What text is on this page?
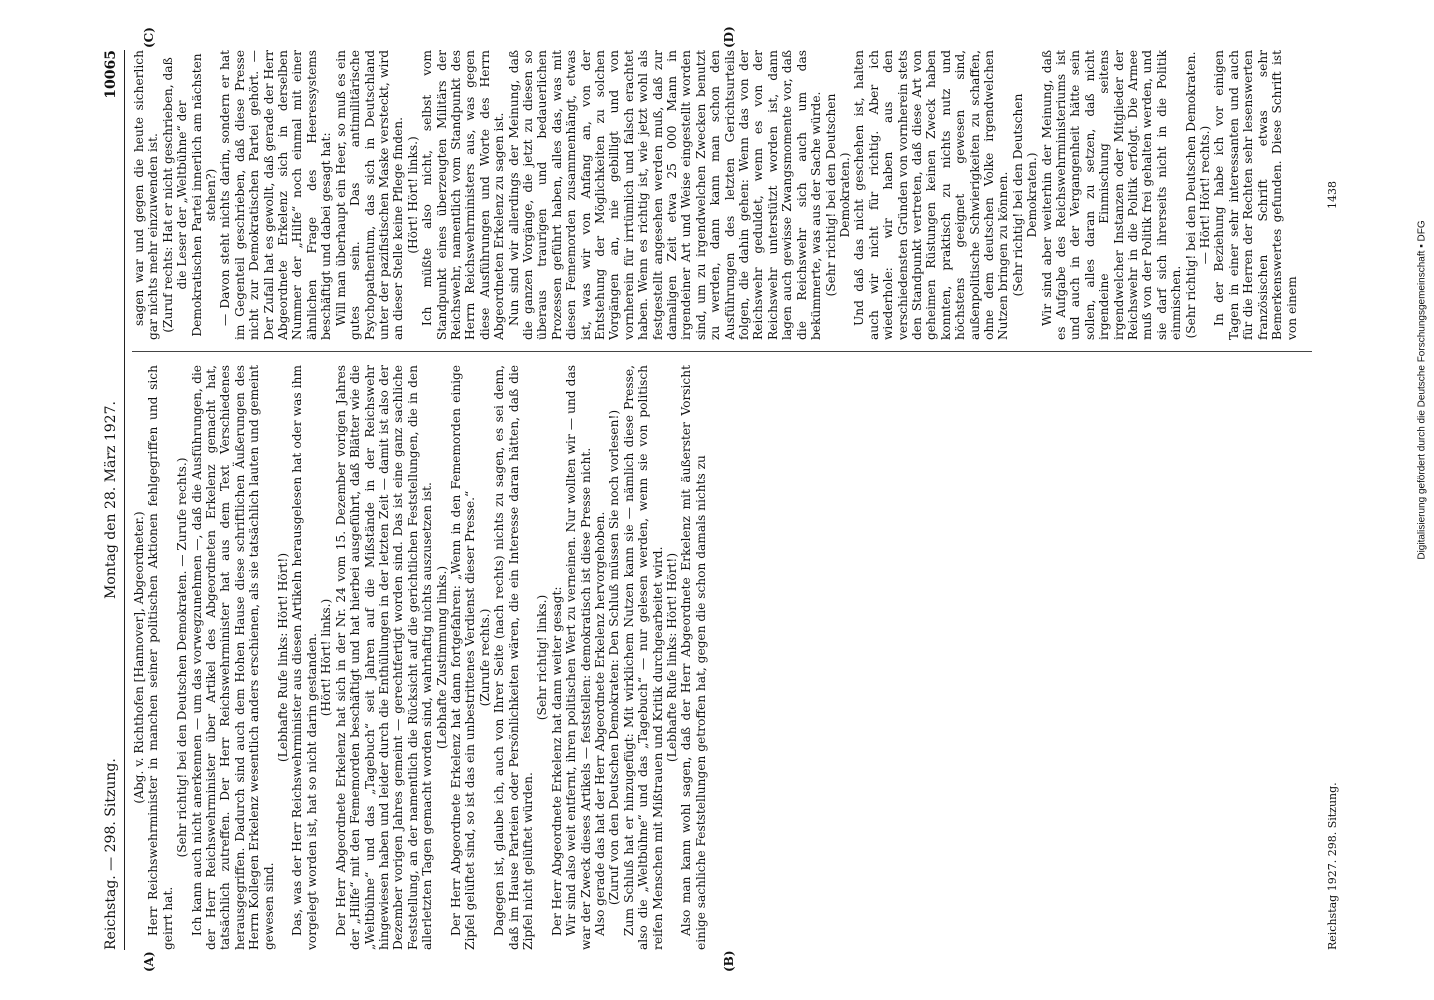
Reichstag. — 298. Sitzung.
Montag den 28. März 1927.
10065

(Abg. v. Richthofen [Hannover], Abgeordneter.) Herr Reichswehrminister in manchen seiner politischen Aktionen fehlgegriffen und sich geirrt hat.

(Sehr richtig! bei den Deutschen Demokraten. — Zurufe rechts.) Ich kann auch nicht anerkennen — um das vorwegzunehmen —, daß die Ausführungen, die der Herr Reichswehrminister über Artikel des Abgeordneten Erkelenz gemacht hat, tatsächlich zutreffen. Der Herr Reichswehrminister hat aus dem Text Verschiedenes herausgegriffen. Dadurch sind auch dem Hohen Hause diese schriftlichen Äußerungen des Herrn Kollegen Erkelenz wesentlich anders erschienen, als sie tatsächlich lauten und gemeint gewesen sind.

(Lebhafte Rufe links: Hört! Hört!) Das, was der Herr Reichswehrminister aus diesen Artikeln herausgelesen hat oder was ihm vorgelegt worden ist, hat so nicht darin gestanden. (Hört! Hört! links.) Der Herr Abgeordnete Erkelenz hat sich in der Nr. 24 vom 15. Dezember vorigen Jahres der „Hilfe“ mit den Fememorden beschäftigt und hat hierbei ausgeführt, daß Blätter wie die „Weltbühne“ und das „Tagebuch“ seit Jahren auf die Mißstände in der Reichswehr hingewiesen haben und leider durch die Enthüllungen in der letzten Zeit — damit ist also der Dezember vorigen Jahres gemeint — gerechtfertigt worden sind. Das ist eine ganz sachliche Feststellung, an der namentlich die Rücksicht auf die gerichtlichen Feststellungen, die in den allerletzten Tagen gemacht worden sind, wahrhaftig nichts auszusetzen ist. (Lebhafte Zustimmung links.) Der Herr Abgeordnete Erkelenz hat dann fortgefahren: „Wenn in den Fememorden einige Zipfel gelüftet sind, so ist das ein unbestrittenes Verdienst dieser Presse.“ (Zurufe rechts.) Dagegen ist, glaube ich, auch von Ihrer Seite (nach rechts) nichts zu sagen, es sei denn, daß im Hause Parteien oder Persönlichkeiten wären, die ein Interesse daran hätten, daß die Zipfel nicht gelüftet würden.

(Sehr richtig! links.) Der Herr Abgeordnete Erkelenz hat dann weiter gesagt: Wir sind also weit entfernt, ihren politischen Wert zu verneinen. Nur wollten wir — und das war der Zweck dieses Artikels — feststellen: demokratisch ist diese Presse nicht. Also gerade das hat der Herr Abgeordnete Erkelenz hervorgehoben. (Zuruf von den Deutschen Demokraten: Den Schluß müssen Sie noch vorlesen!) Zum Schluß hat er hinzugefügt: Mit wirklichem Nutzen kann sie — nämlich diese Presse, also die „Weltbühne“ und das „Tagebuch“ — nur gelesen werden, wenn sie von politisch reifen Menschen mit Mißtrauen und Kritik durchgearbeitet wird. (Lebhafte Rufe links: Hört! Hört!) Also man kann wohl sagen, daß der Herr Abgeordnete Erkelenz mit äußerster Vorsicht einige sachliche Feststellungen getroffen hat, gegen die schon damals nichts zu

sagen war und gegen die heute sicherlich gar nichts mehr einzuwenden ist. (Zuruf rechts: Hat er nicht geschrieben, daß die Leser der „Weltbühne“ der Demokratischen Partei innerlich am nächsten stehen?) — Davon steht nichts darin, sondern er hat im Gegenteil geschrieben, daß diese Presse nicht zur Demokratischen Partei gehört. — Der Zufall hat es gewollt, daß gerade der Herr Abgeordnete Erkelenz sich in derselben Nummer der „Hilfe“ noch einmal mit einer ähnlichen Frage des Heeressystems beschäftigt und dabei gesagt hat: Will man überhaupt ein Heer, so muß es ein gutes sein. Das antimilitärische Psychopathentum, das sich in Deutschland unter der pazifistischen Maske versteckt, wird an dieser Stelle keine Pflege finden. (Hört! Hört! links.) Ich müßte also nicht, selbst vom Standpunkt eines überzeugten Militärs der Reichswehr, namentlich vom Standpunkt des Herrn Reichswehrministers aus, was gegen diese Ausführungen und Worte des Herrn Abgeordneten Erkelenz zu sagen ist. Nun sind wir allerdings der Meinung, daß die ganzen Vorgänge, die jetzt zu diesen so überaus traurigen und bedauerlichen Prozessen geführt haben, alles das, was mit diesen Fememorden zusammenhängt, etwas ist, was wir von Anfang an, von der Entstehung der Möglichkeiten zu solchen Vorgängen an, nie gebilligt und von vornherein für irrtümlich und falsch erachtet haben. Wenn es richtig ist, wie jetzt wohl als festgestellt angesehen werden muß, daß zur damaligen Zeit etwa 25 000 Mann in irgendeiner Art und Weise eingestellt worden sind, um zu irgendwelchen Zwecken benutzt zu werden, dann kann man schon den Ausführungen des letzten Gerichtsurteils folgen, die dahin gehen: Wenn das von der Reichswehr geduldet, wenn es von der Reichswehr unterstützt worden ist, dann lagen auch gewisse Zwangsmomente vor, daß die Reichswehr sich auch um das bekümmerte, was aus der Sache würde. (Sehr richtig! bei den Deutschen Demokraten.) Und daß das nicht geschehen ist, halten auch wir nicht für richtig. Aber ich wiederhole: wir haben aus den verschiedensten Gründen von vornherein stets den Standpunkt vertreten, daß diese Art von geheimen Rüstungen keinen Zweck haben konnten, praktisch zu nichts nutz und höchstens geeignet gewesen sind, außenpolitische Schwierigkeiten zu schaffen, ohne dem deutschen Volke irgendwelchen Nutzen bringen zu können. (Sehr richtig! bei den Deutschen Demokraten.) Wir sind aber weiterhin der Meinung, daß es Aufgabe des Reichswehrministeriums ist und auch in der Vergangenheit hätte sein sollen, alles daran zu setzen, daß nicht irgendeine Einmischung seitens irgendwelcher Instanzen oder Mitglieder der Reichswehr in die Politik erfolgt. Die Armee muß von der Politik frei gehalten werden, und sie darf sich ihrerseits nicht in die Politik einmischen. (Sehr richtig! bei den Deutschen Demokraten. — Hört! Hört! rechts.) In der Beziehung habe ich vor einigen Tagen in einer sehr interessanten und auch für die Herren der Rechten sehr lesenswerten französischen Schrift etwas sehr Bemerkenswertes gefunden. Diese Schrift ist von einem

(A)	(B)
(C)	(D)
Reichstag 1927. 298. Sitzung.
1438
Digitalisierung gefördert durch die Deutsche Forschungsgemeinschaft ▪ DFG
